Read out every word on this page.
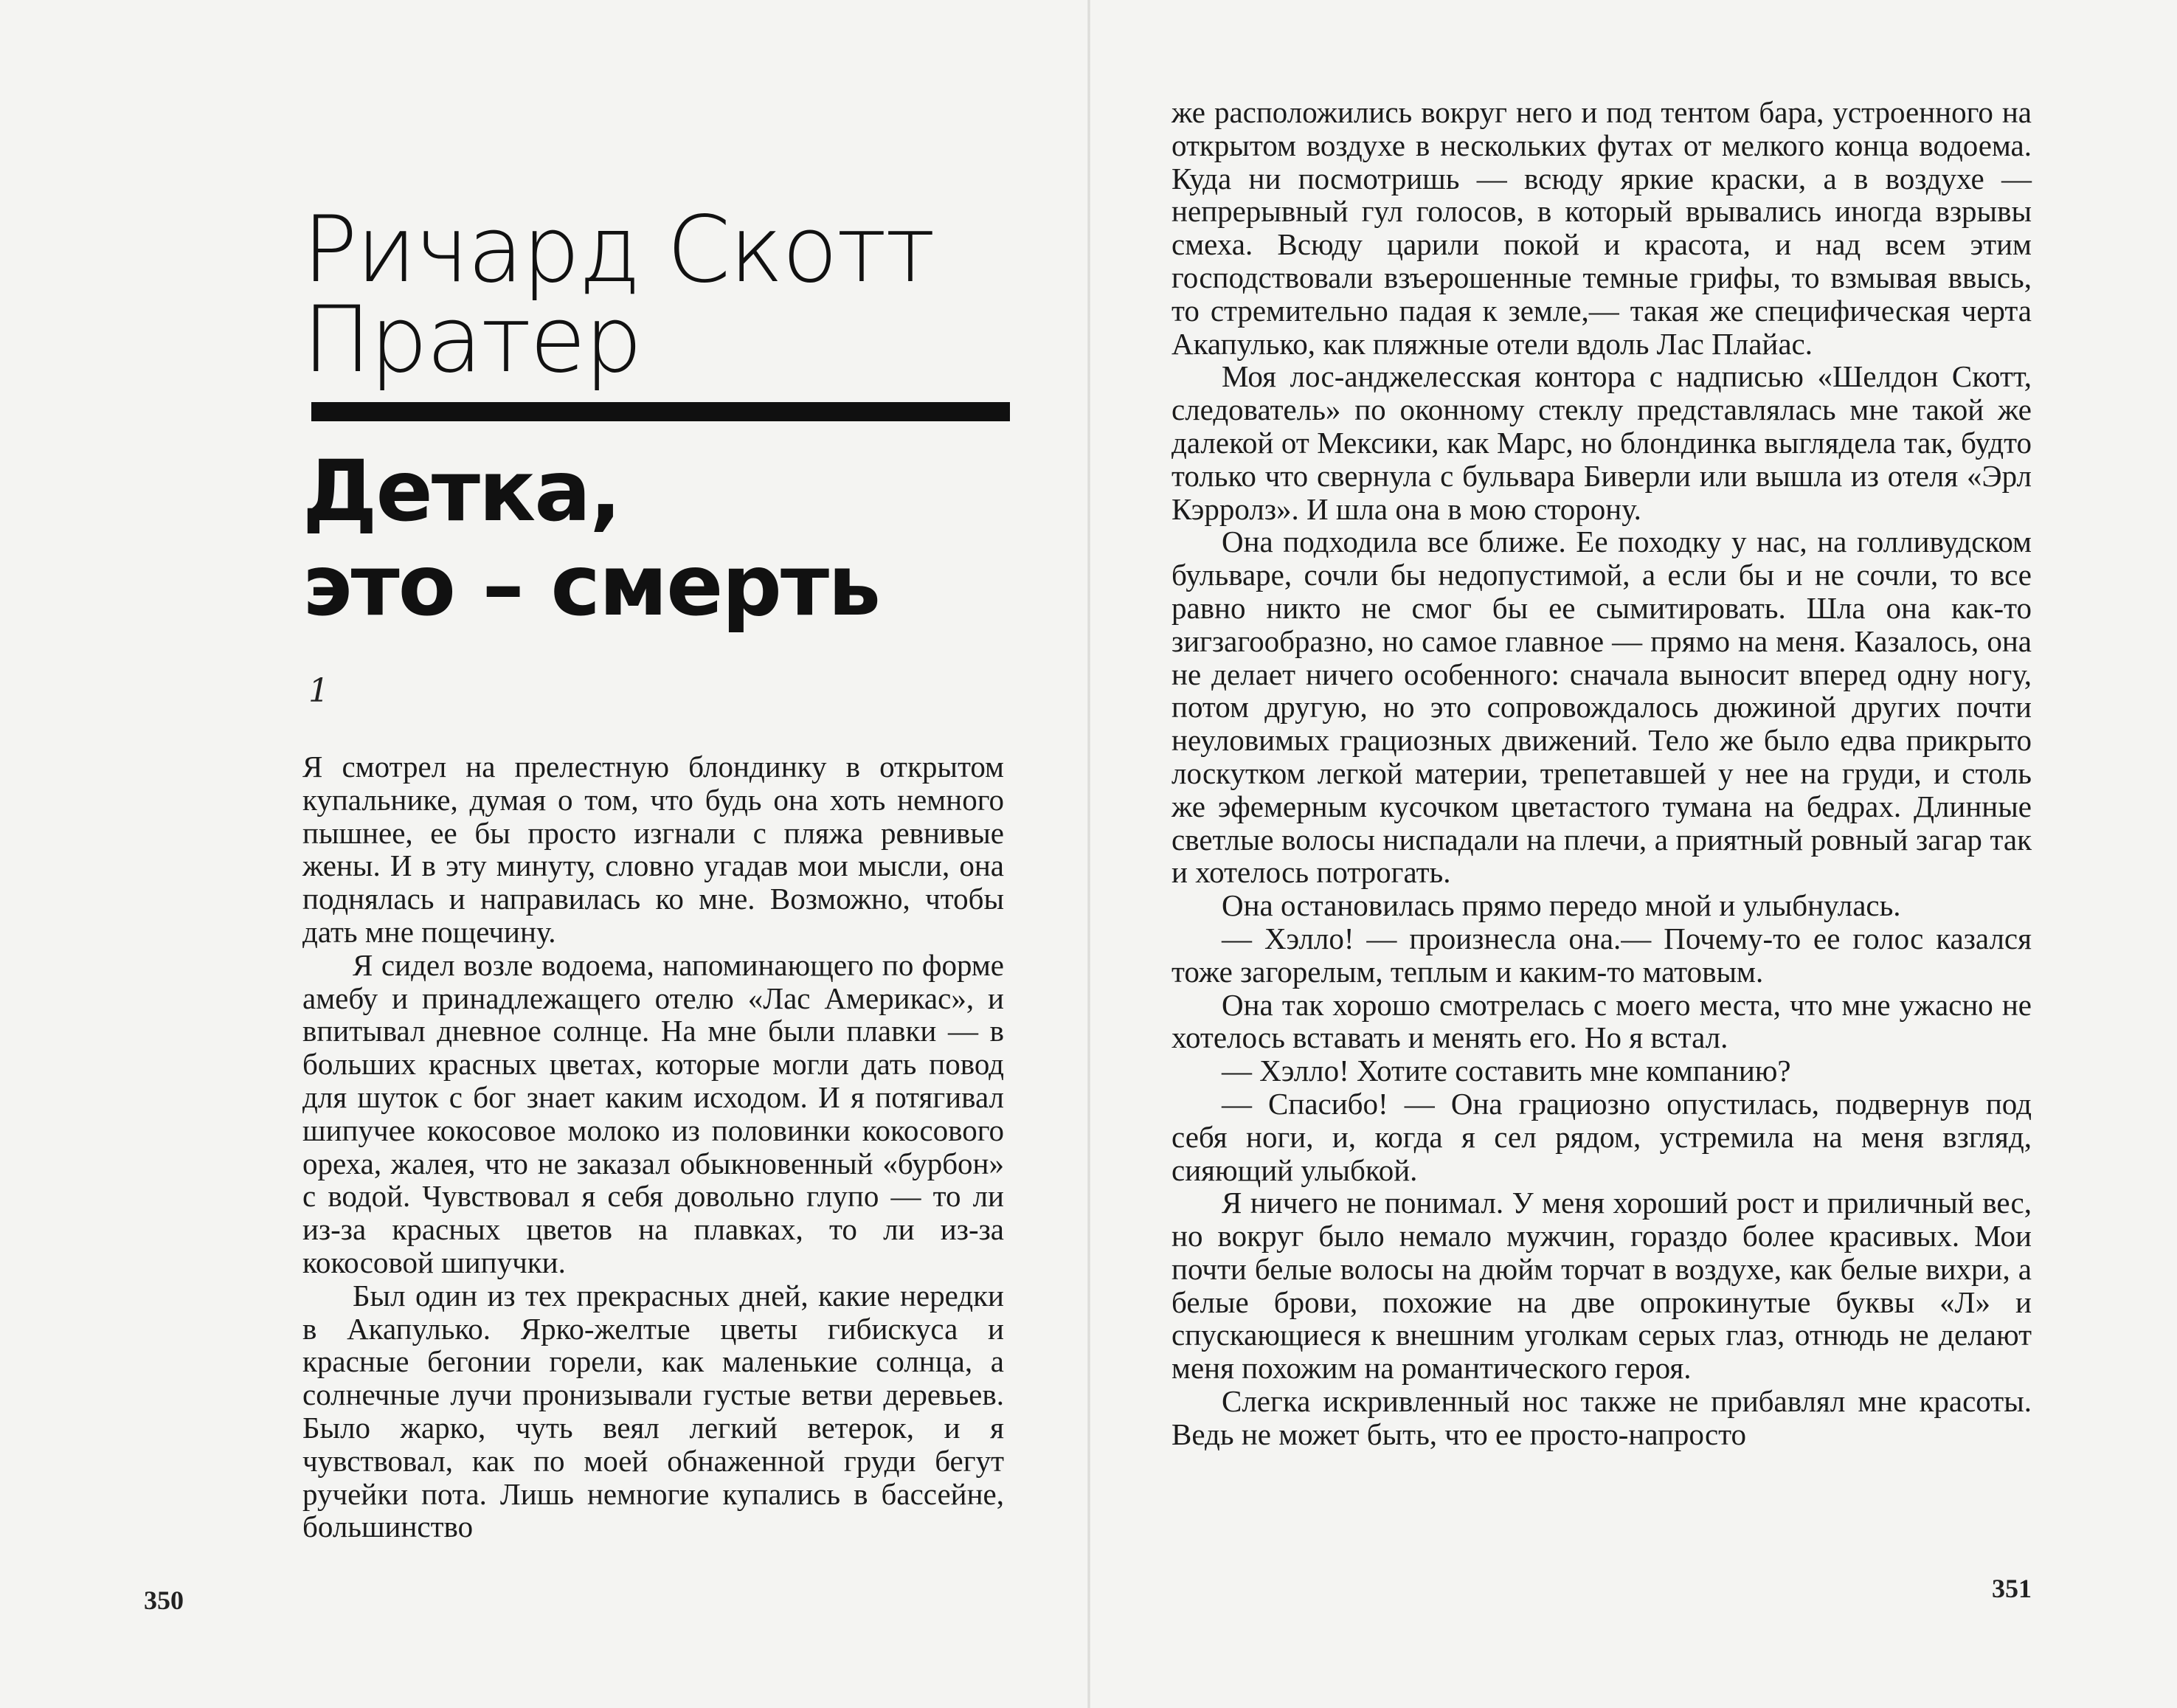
Ричард Скотт
Пратер
Детка,
это – смерть
1

Я смотрел на прелестную блондинку в открытом купальнике, думая о том, что будь она хоть немного пышнее, ее бы просто изгнали с пляжа ревнивые жены. И в эту минуту, словно угадав мои мысли, она поднялась и направилась ко мне. Возможно, чтобы дать мне пощечину.

Я сидел возле водоема, напоминающего по форме амебу и принадлежащего отелю «Лас Америкас», и впитывал дневное солнце. На мне были плавки — в больших красных цветах, которые могли дать повод для шуток с бог знает каким исходом. И я потягивал шипучее кокосовое молоко из половинки кокосового ореха, жалея, что не заказал обыкновенный «бурбон» с водой. Чувствовал я себя довольно глупо — то ли из-за красных цветов на плавках, то ли из-за кокосовой шипучки.

Был один из тех прекрасных дней, какие нередки в Акапулько. Ярко-желтые цветы гибискуса и красные бегонии горели, как маленькие солнца, а солнечные лучи пронизывали густые ветви деревьев. Было жарко, чуть веял легкий ветерок, и я чувствовал, как по моей обнаженной груди бегут ручейки пота. Лишь немногие купались в бассейне, большинство

350

же расположились вокруг него и под тентом бара, устроенного на открытом воздухе в нескольких футах от мелкого конца водоема. Куда ни посмотришь — всюду яркие краски, а в воздухе — непрерывный гул голосов, в который врывались иногда взрывы смеха. Всюду царили покой и красота, и над всем этим господствовали взъерошенные темные грифы, то взмывая ввысь, то стремительно падая к земле,— такая же специфическая черта Акапулько, как пляжные отели вдоль Лас Плайас.

Моя лос-анджелесская контора с надписью «Шелдон Скотт, следователь» по оконному стеклу представлялась мне такой же далекой от Мексики, как Марс, но блондинка выглядела так, будто только что свернула с бульвара Биверли или вышла из отеля «Эрл Кэрролз». И шла она в мою сторону.

Она подходила все ближе. Ее походку у нас, на голливудском бульваре, сочли бы недопустимой, а если бы и не сочли, то все равно никто не смог бы ее сымитировать. Шла она как-то зигзагообразно, но самое главное — прямо на меня. Казалось, она не делает ничего особенного: сначала выносит вперед одну ногу, потом другую, но это сопровождалось дюжиной других почти неуловимых грациозных движений. Тело же было едва прикрыто лоскутком легкой материи, трепетавшей у нее на груди, и столь же эфемерным кусочком цветастого тумана на бедрах. Длинные светлые волосы ниспадали на плечи, а приятный ровный загар так и хотелось потрогать.

Она остановилась прямо передо мной и улыбнулась.

— Хэлло! — произнесла она.— Почему-то ее голос казался тоже загорелым, теплым и каким-то матовым.

Она так хорошо смотрелась с моего места, что мне ужасно не хотелось вставать и менять его. Но я встал.

— Хэлло! Хотите составить мне компанию?

— Спасибо! — Она грациозно опустилась, подвернув под себя ноги, и, когда я сел рядом, устремила на меня взгляд, сияющий улыбкой.

Я ничего не понимал. У меня хороший рост и приличный вес, но вокруг было немало мужчин, гораздо более красивых. Мои почти белые волосы на дюйм торчат в воздухе, как белые вихри, а белые брови, похожие на две опрокинутые буквы «Л» и спускающиеся к внешним уголкам серых глаз, отнюдь не делают меня похожим на романтического героя.

Слегка искривленный нос также не прибавлял мне красоты. Ведь не может быть, что ее просто-напросто

351
